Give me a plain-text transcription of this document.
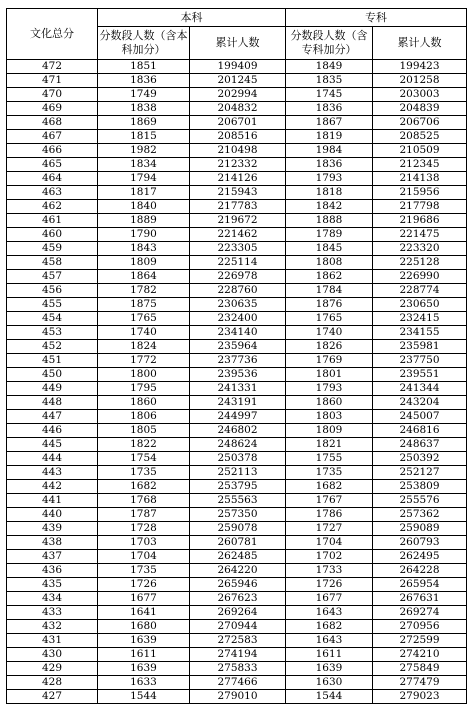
文化总分	本科		专科	
	分数段人数（含本科加分）	累计人数	分数段人数（含专科加分）	累计人数
472	1851	199409	1849	199423
471	1836	201245	1835	201258
470	1749	202994	1745	203003
469	1838	204832	1836	204839
468	1869	206701	1867	206706
467	1815	208516	1819	208525
466	1982	210498	1984	210509
465	1834	212332	1836	212345
464	1794	214126	1793	214138
463	1817	215943	1818	215956
462	1840	217783	1842	217798
461	1889	219672	1888	219686
460	1790	221462	1789	221475
459	1843	223305	1845	223320
458	1809	225114	1808	225128
457	1864	226978	1862	226990
456	1782	228760	1784	228774
455	1875	230635	1876	230650
454	1765	232400	1765	232415
453	1740	234140	1740	234155
452	1824	235964	1826	235981
451	1772	237736	1769	237750
450	1800	239536	1801	239551
449	1795	241331	1793	241344
448	1860	243191	1860	243204
447	1806	244997	1803	245007
446	1805	246802	1809	246816
445	1822	248624	1821	248637
444	1754	250378	1755	250392
443	1735	252113	1735	252127
442	1682	253795	1682	253809
441	1768	255563	1767	255576
440	1787	257350	1786	257362
439	1728	259078	1727	259089
438	1703	260781	1704	260793
437	1704	262485	1702	262495
436	1735	264220	1733	264228
435	1726	265946	1726	265954
434	1677	267623	1677	267631
433	1641	269264	1643	269274
432	1680	270944	1682	270956
431	1639	272583	1643	272599
430	1611	274194	1611	274210
429	1639	275833	1639	275849
428	1633	277466	1630	277479
427	1544	279010	1544	279023
